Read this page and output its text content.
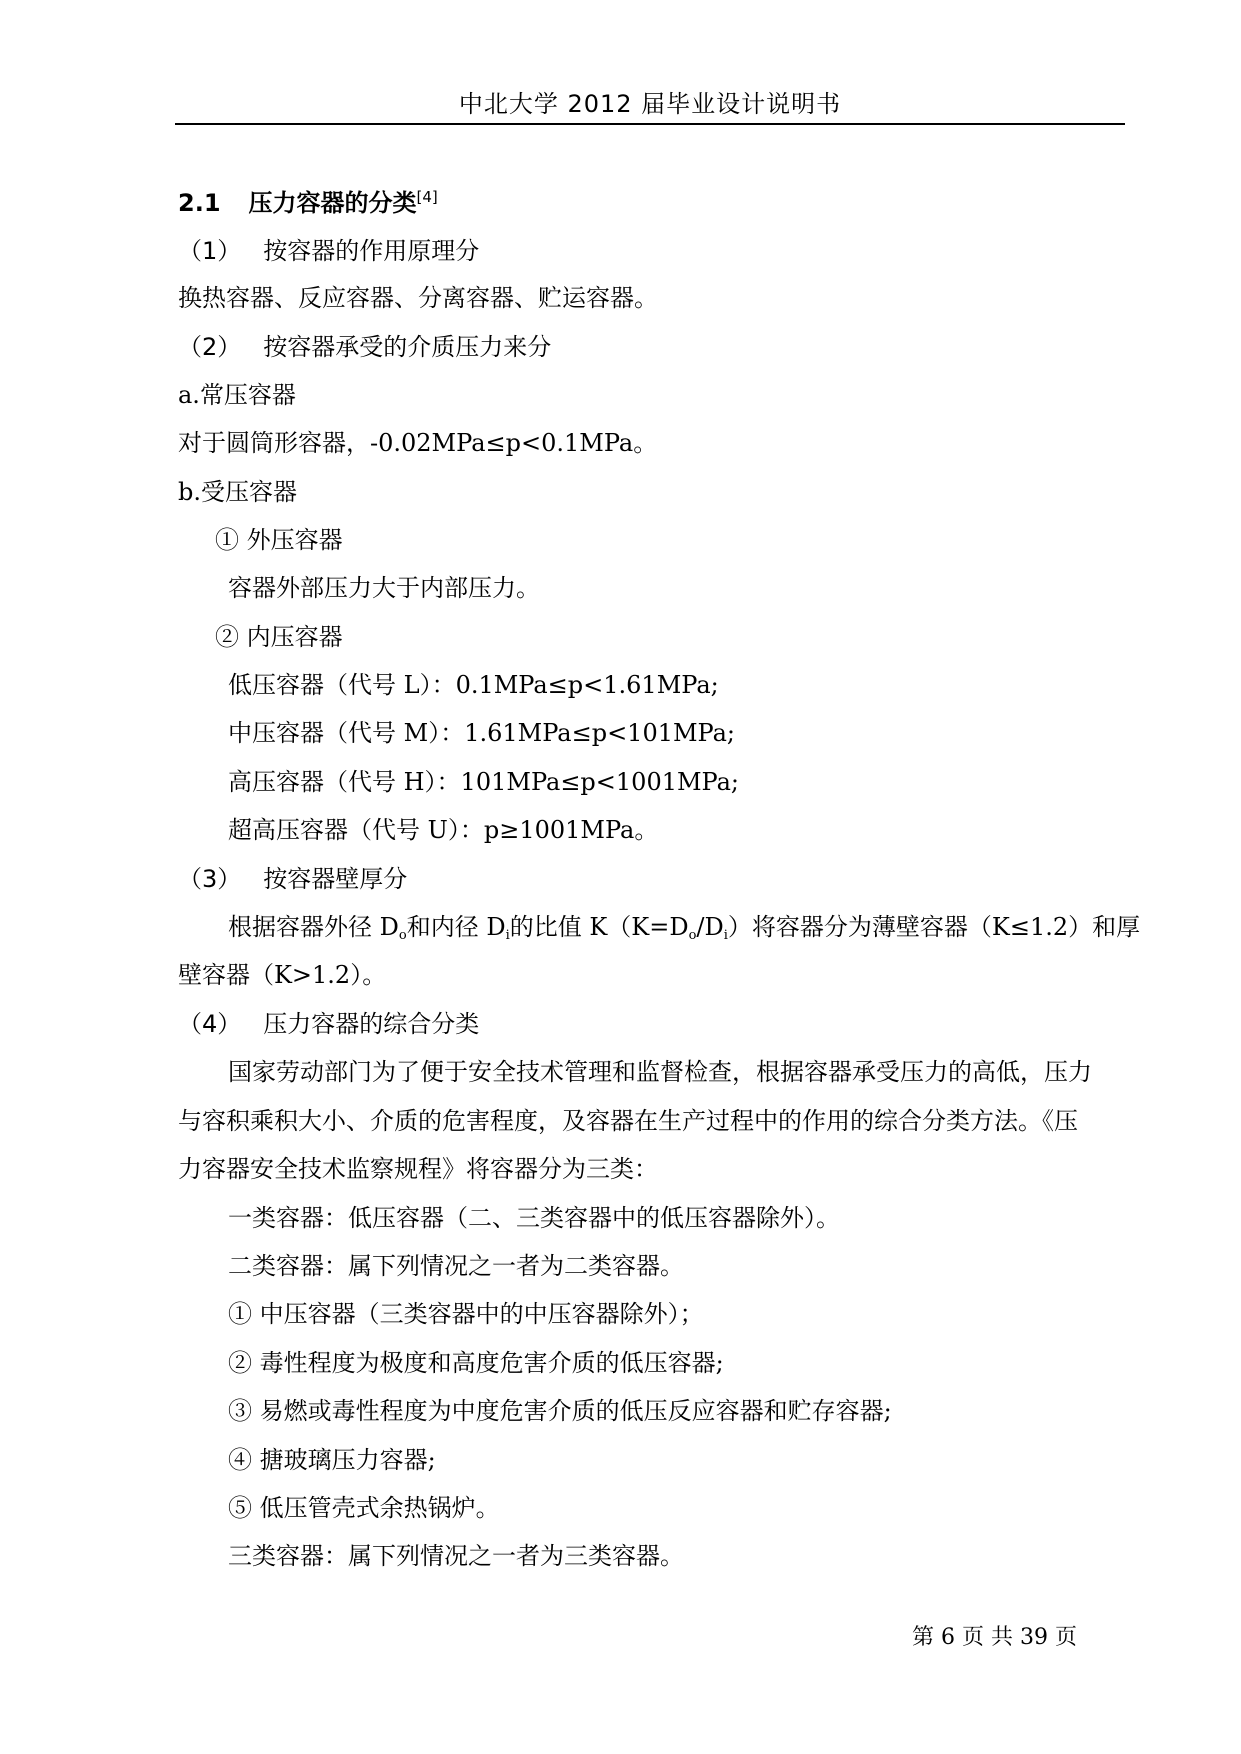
中北大学 2012 届毕业设计说明书
2.1 压力容器的分类[4]
（1） 按容器的作用原理分
换热容器、反应容器、分离容器、贮运容器。
（2） 按容器承受的介质压力来分
a.常压容器
对于圆筒形容器，-0.02MPa≤p<0.1MPa。
b.受压容器
① 外压容器
容器外部压力大于内部压力。
② 内压容器
低压容器（代号 L）：0.1MPa≤p<1.61MPa;
中压容器（代号 M）：1.61MPa≤p<101MPa;
高压容器（代号 H）：101MPa≤p<1001MPa;
超高压容器（代号 U）：p≥1001MPa。
（3） 按容器壁厚分
根据容器外径 $D_o$和内径 $D_i$的比值 $K(K=D_o/D_i)$将容器分为薄壁容器（K≤1.2）和厚
壁容器（K>1.2）。
（4） 压力容器的综合分类
国家劳动部门为了便于安全技术管理和监督检查，根据容器承受压力的高低，压力
与容积乘积大小、介质的危害程度，及容器在生产过程中的作用的综合分类方法。《压
力容器安全技术监察规程》将容器分为三类：
一类容器：低压容器（二、三类容器中的低压容器除外）。
二类容器：属下列情况之一者为二类容器。
① 中压容器（三类容器中的中压容器除外）；
② 毒性程度为极度和高度危害介质的低压容器;
③ 易燃或毒性程度为中度危害介质的低压反应容器和贮存容器;
④ 搪玻璃压力容器;
⑤ 低压管壳式余热锅炉。
三类容器：属下列情况之一者为三类容器。
第 6 页 共 39 页
